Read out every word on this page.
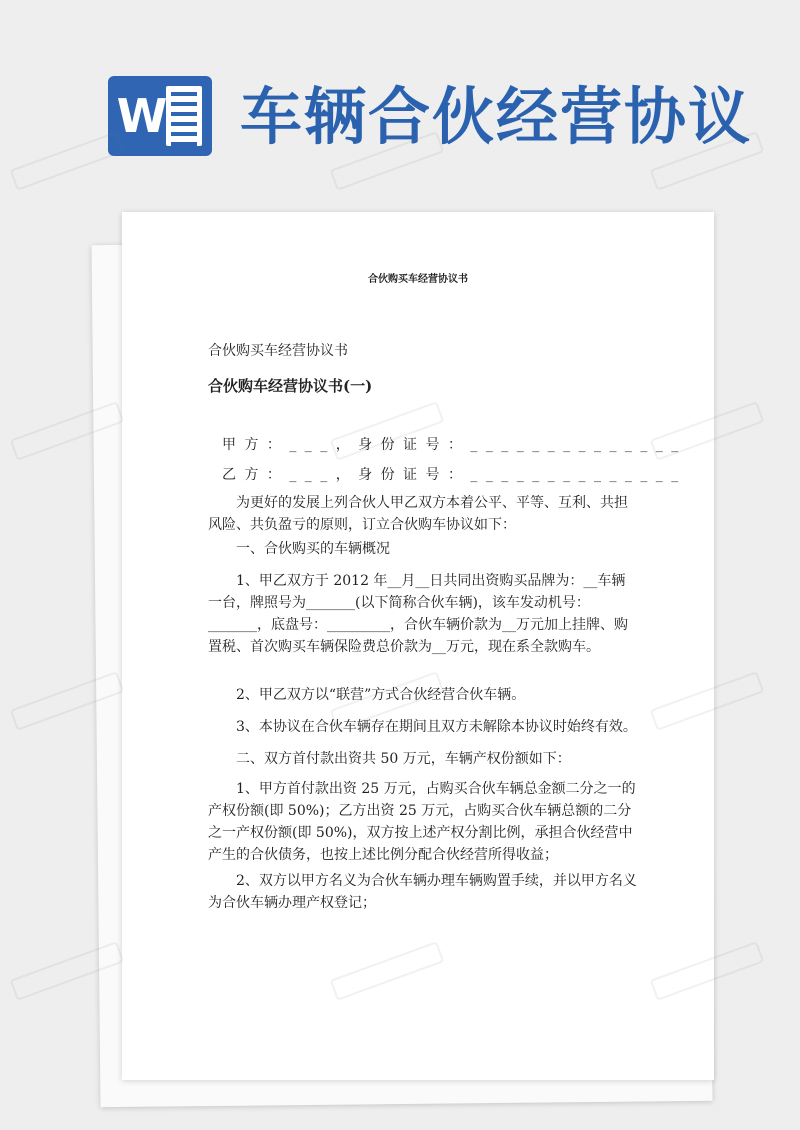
W 车辆合伙经营协议
合伙购买车经营协议书
合伙购买车经营协议书
合伙购车经营协议书(一)
甲 方 ： _ _ _ ， 身 份 证 号 ： _ _ _ _ _ _ _ _ _ _ _ _ _ _
乙 方 ： _ _ _ ， 身 份 证 号 ： _ _ _ _ _ _ _ _ _ _ _ _ _ _
为更好的发展上列合伙人甲乙双方本着公平、平等、互利、共担风险、共负盈亏的原则，订立合伙购车协议如下：
一、合伙购买的车辆概况
1、甲乙双方于 2012 年__月__日共同出资购买品牌为：__车辆一台，牌照号为_______(以下简称合伙车辆)，该车发动机号：_______，底盘号：_________，合伙车辆价款为__万元加上挂牌、购置税、首次购买车辆保险费总价款为__万元，现在系全款购车。
2、甲乙双方以“联营”方式合伙经营合伙车辆。
3、本协议在合伙车辆存在期间且双方未解除本协议时始终有效。
二、双方首付款出资共 50 万元，车辆产权份额如下：
1、甲方首付款出资 25 万元，占购买合伙车辆总金额二分之一的产权份额(即 50%)；乙方出资 25 万元，占购买合伙车辆总额的二分之一产权份额(即 50%)，双方按上述产权分割比例，承担合伙经营中产生的合伙债务，也按上述比例分配合伙经营所得收益；
2、双方以甲方名义为合伙车辆办理车辆购置手续，并以甲方名义为合伙车辆办理产权登记；
